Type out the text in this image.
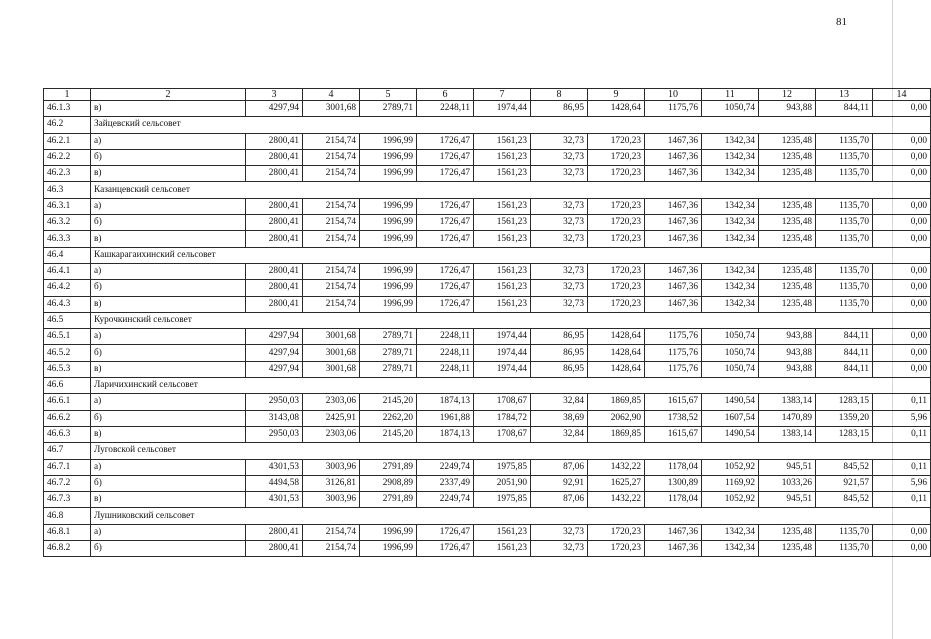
81
1	2	3	4	5	6	7	8	9	10	11	12	13	14
46.1.3	в)	4297,94	3001,68	2789,71	2248,11	1974,44	86,95	1428,64	1175,76	1050,74	943,88	844,11	0,00
46.2	Зайцевский сельсовет												
46.2.1	а)	2800,41	2154,74	1996,99	1726,47	1561,23	32,73	1720,23	1467,36	1342,34	1235,48	1135,70	0,00
46.2.2	б)	2800,41	2154,74	1996,99	1726,47	1561,23	32,73	1720,23	1467,36	1342,34	1235,48	1135,70	0,00
46.2.3	в)	2800,41	2154,74	1996,99	1726,47	1561,23	32,73	1720,23	1467,36	1342,34	1235,48	1135,70	0,00
46.3	Казанцевский сельсовет												
46.3.1	а)	2800,41	2154,74	1996,99	1726,47	1561,23	32,73	1720,23	1467,36	1342,34	1235,48	1135,70	0,00
46.3.2	б)	2800,41	2154,74	1996,99	1726,47	1561,23	32,73	1720,23	1467,36	1342,34	1235,48	1135,70	0,00
46.3.3	в)	2800,41	2154,74	1996,99	1726,47	1561,23	32,73	1720,23	1467,36	1342,34	1235,48	1135,70	0,00
46.4	Кашкарагаихинский сельсовет												
46.4.1	а)	2800,41	2154,74	1996,99	1726,47	1561,23	32,73	1720,23	1467,36	1342,34	1235,48	1135,70	0,00
46.4.2	б)	2800,41	2154,74	1996,99	1726,47	1561,23	32,73	1720,23	1467,36	1342,34	1235,48	1135,70	0,00
46.4.3	в)	2800,41	2154,74	1996,99	1726,47	1561,23	32,73	1720,23	1467,36	1342,34	1235,48	1135,70	0,00
46.5	Курочкинский сельсовет												
46.5.1	а)	4297,94	3001,68	2789,71	2248,11	1974,44	86,95	1428,64	1175,76	1050,74	943,88	844,11	0,00
46.5.2	б)	4297,94	3001,68	2789,71	2248,11	1974,44	86,95	1428,64	1175,76	1050,74	943,88	844,11	0,00
46.5.3	в)	4297,94	3001,68	2789,71	2248,11	1974,44	86,95	1428,64	1175,76	1050,74	943,88	844,11	0,00
46.6	Ларичихинский сельсовет												
46.6.1	а)	2950,03	2303,06	2145,20	1874,13	1708,67	32,84	1869,85	1615,67	1490,54	1383,14	1283,15	0,11
46.6.2	б)	3143,08	2425,91	2262,20	1961,88	1784,72	38,69	2062,90	1738,52	1607,54	1470,89	1359,20	5,96
46.6.3	в)	2950,03	2303,06	2145,20	1874,13	1708,67	32,84	1869,85	1615,67	1490,54	1383,14	1283,15	0,11
46.7	Луговской сельсовет												
46.7.1	а)	4301,53	3003,96	2791,89	2249,74	1975,85	87,06	1432,22	1178,04	1052,92	945,51	845,52	0,11
46.7.2	б)	4494,58	3126,81	2908,89	2337,49	2051,90	92,91	1625,27	1300,89	1169,92	1033,26	921,57	5,96
46.7.3	в)	4301,53	3003,96	2791,89	2249,74	1975,85	87,06	1432,22	1178,04	1052,92	945,51	845,52	0,11
46.8	Лушниковский сельсовет												
46.8.1	а)	2800,41	2154,74	1996,99	1726,47	1561,23	32,73	1720,23	1467,36	1342,34	1235,48	1135,70	0,00
46.8.2	б)	2800,41	2154,74	1996,99	1726,47	1561,23	32,73	1720,23	1467,36	1342,34	1235,48	1135,70	0,00
